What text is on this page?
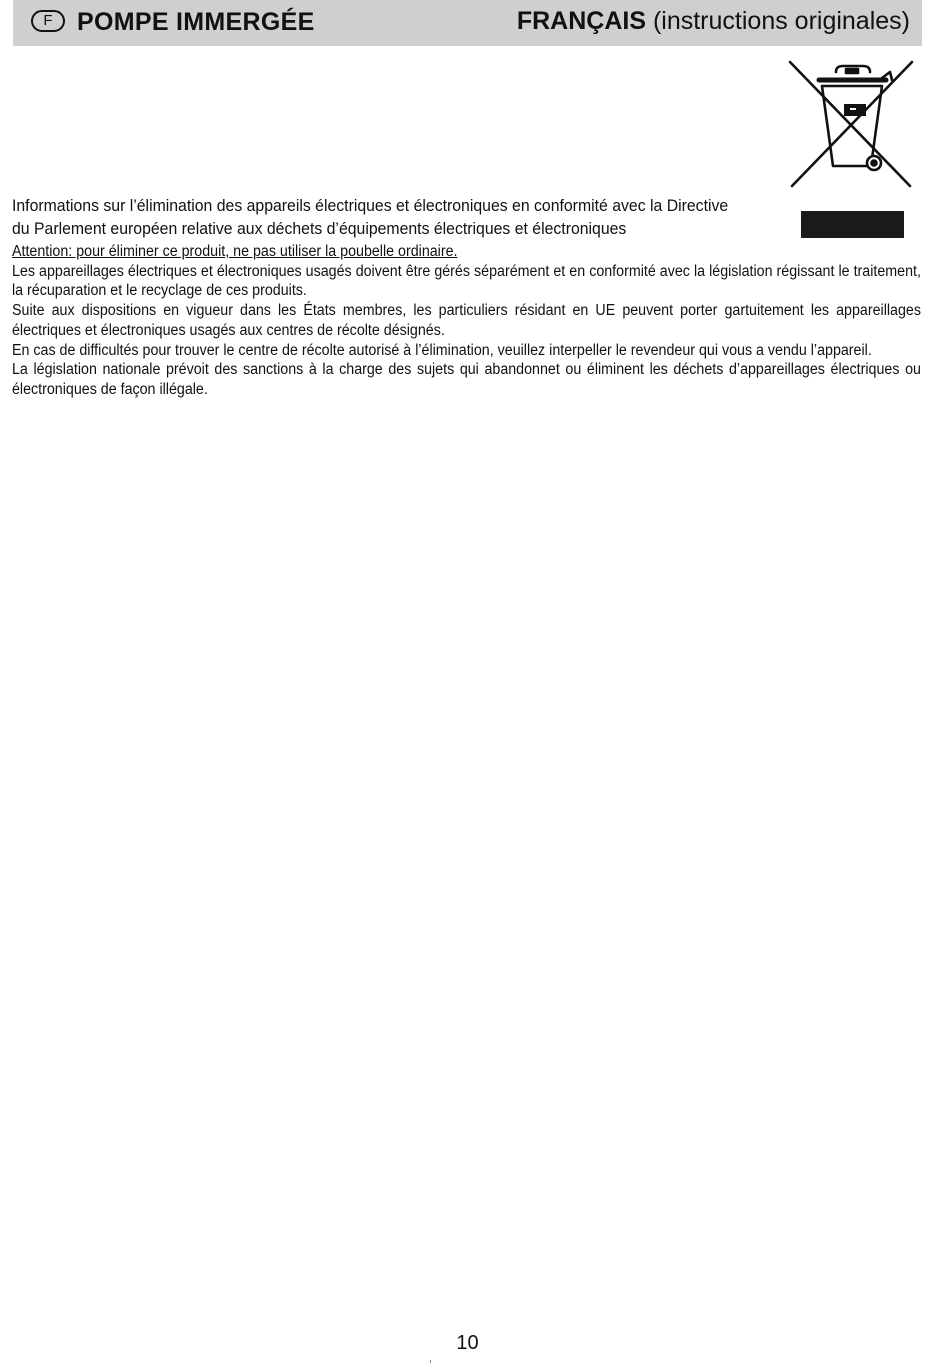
F POMPE IMMERGÉE	FRANÇAIS (instructions originales)
Informations sur l’élimination des appareils électriques et électroniques en conformité avec la Directive
du Parlement européen relative aux déchets d’équipements électriques et électroniques

Attention: pour éliminer ce produit, ne pas utiliser la poubelle ordinaire.

Les appareillages électriques et électroniques usagés doivent être gérés séparément et en conformité avec la législation régissant le traitement, la récuparation et le recyclage de ces produits.

Suite aux dispositions en vigueur dans les États membres, les particuliers résidant en UE peuvent porter gartuitement les appareillages électriques et électroniques usagés aux centres de récolte désignés.

En cas de difficultés pour trouver le centre de récolte autorisé à l’élimination, veuillez interpeller le revendeur qui vous a vendu l’appareil.

La législation nationale prévoit des sanctions à la charge des sujets qui abandonnet ou éliminent les déchets d’appareillages électriques ou électroniques de façon illégale.

10
